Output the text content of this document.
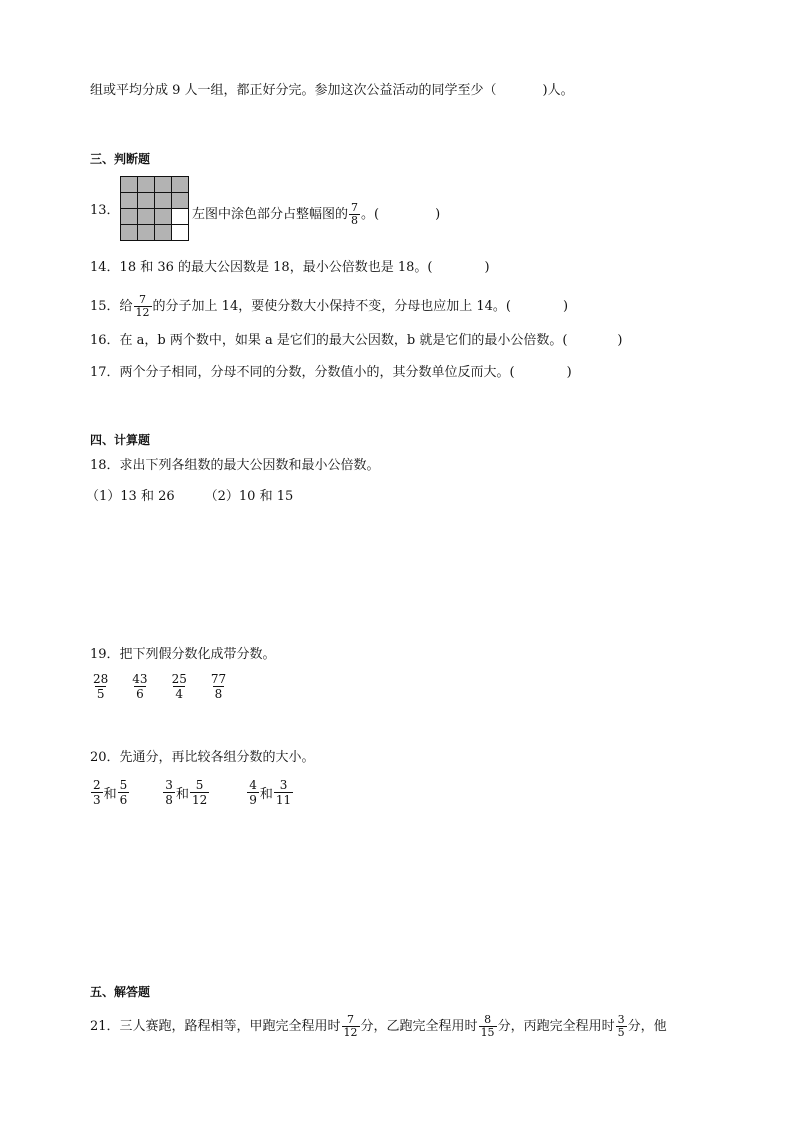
组或平均分成 9 人一组，都正好分完。参加这次公益活动的同学至少（	)人。
三、判断题
13．	左图中涂色部分占整幅图的 $\frac{7}{8}$ 。(	)
14．18 和 36 的最大公因数是 18，最小公倍数也是 18。(	)
15．给 $\frac{7}{12}$ 的分子加上 14，要使分数大小保持不变，分母也应加上 14。(	)
16．在 a，b 两个数中，如果 a 是它们的最大公因数，b 就是它们的最小公倍数。(	)
17．两个分子相同，分母不同的分数，分数值小的，其分数单位反而大。(	)
四、计算题
18．求出下列各组数的最大公因数和最小公倍数。
（1）13 和 26 （2）10 和 15
19．把下列假分数化成带分数。
$\frac{28}{5} \frac{43}{6} \frac{25}{4} \frac{77}{8}$
20．先通分，再比较各组分数的大小。
$\frac{2}{3}$ 和 $\frac{5}{6}$	$\frac{3}{8}$ 和 $\frac{5}{12}$	$\frac{4}{9}$ 和 $\frac{3}{11}$
五、解答题
21．三人赛跑，路程相等，甲跑完全程用时 $\frac{7}{12}$ 分，乙跑完全程用时 $\frac{8}{15}$ 分，丙跑完全程用时 $\frac{3}{5}$ 分，他
